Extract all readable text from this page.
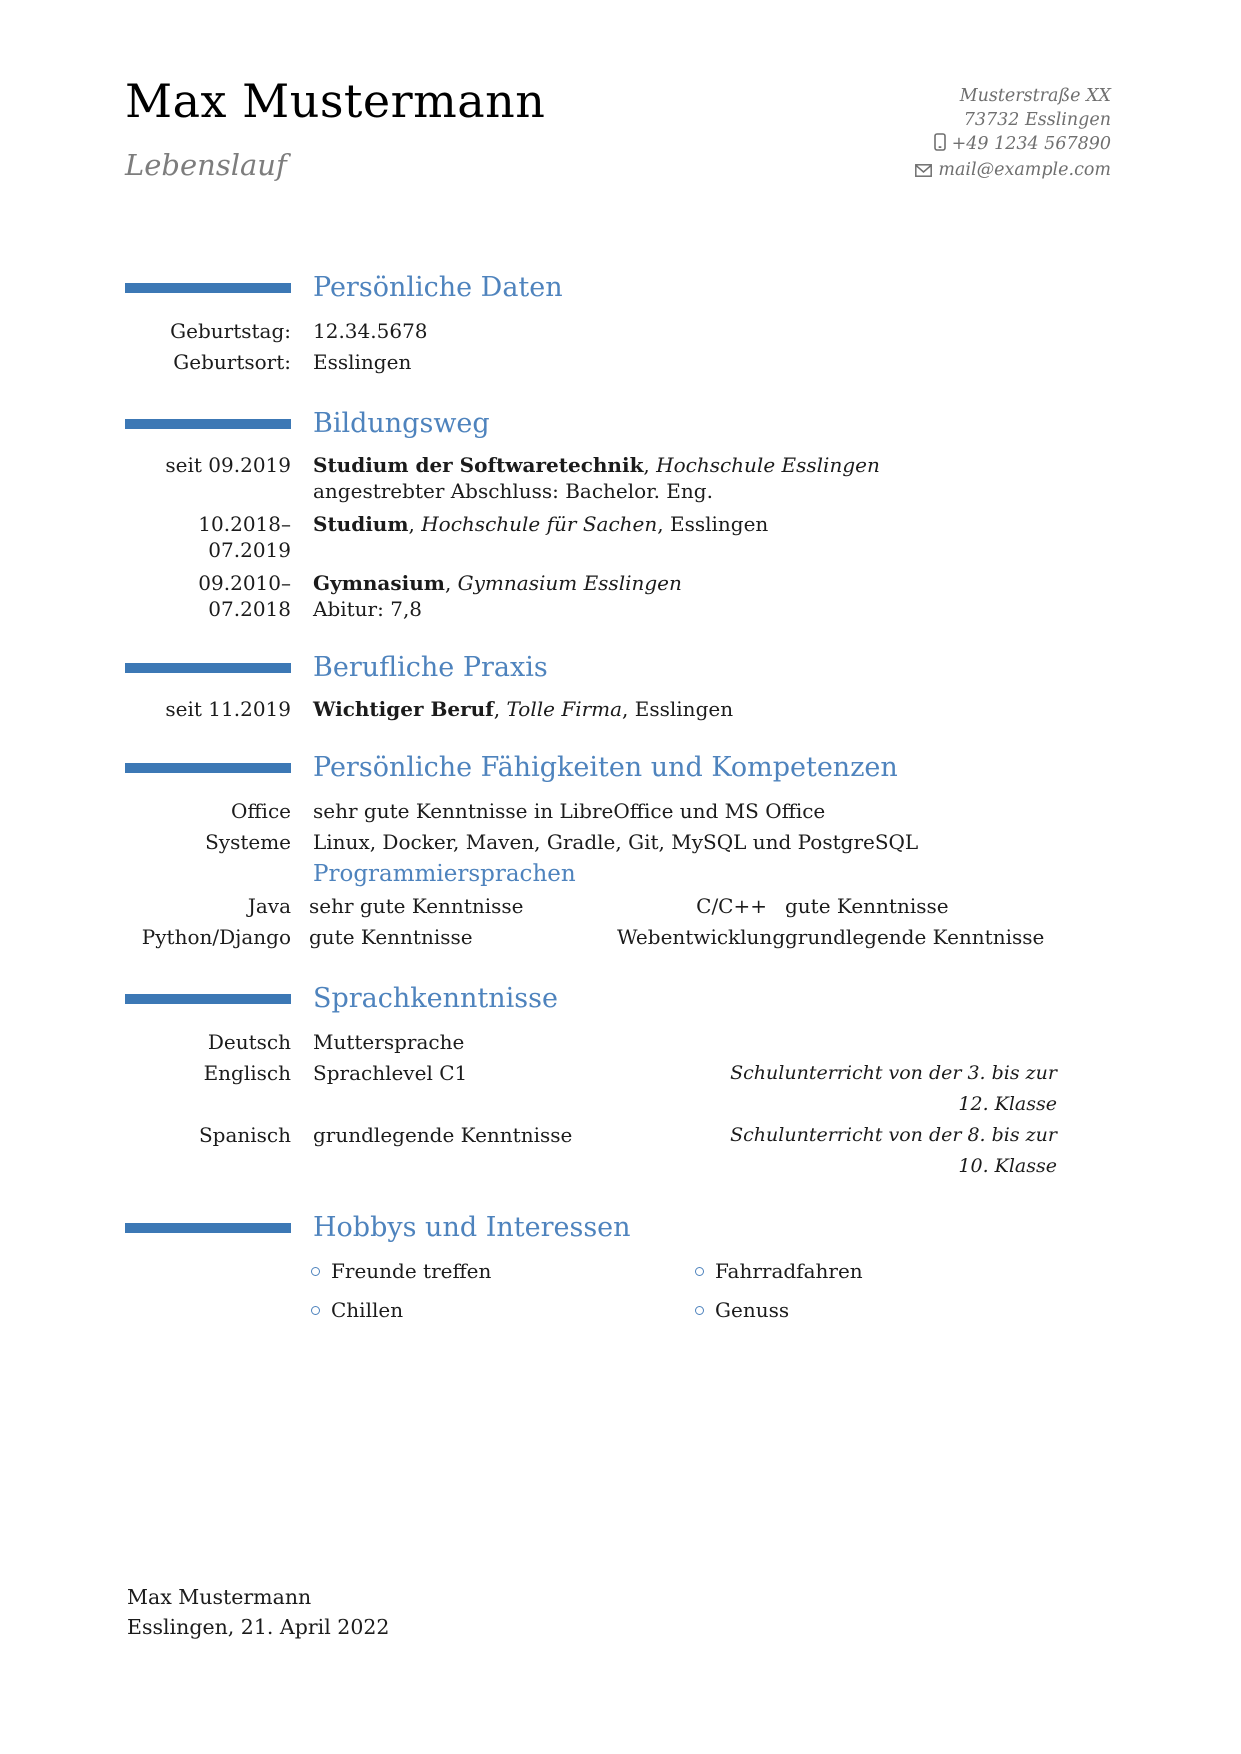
Max Mustermann
Lebenslauf
Musterstraße XX
73732 Esslingen
+49 1234 567890
mail@example.com
Persönliche Daten
Geburtstag: 12.34.5678
Geburtsort: Esslingen
Bildungsweg
seit 09.2019 Studium der Softwaretechnik, Hochschule Esslingen
angestrebter Abschluss: Bachelor. Eng.
10.2018–07.2019
Studium, Hochschule für Sachen, Esslingen
09.2010–07.2018
Gymnasium, Gymnasium Esslingen
Abitur: 7,8
Berufliche Praxis
seit 11.2019 Wichtiger Beruf, Tolle Firma, Esslingen
Persönliche Fähigkeiten und Kompetenzen
Office sehr gute Kenntnisse in LibreOffice und MS Office
Systeme Linux, Docker, Maven, Gradle, Git, MySQL und PostgreSQL
Programmiersprachen
Java sehr gute Kenntnisse	C/C++ gute Kenntnisse
Python/Django gute Kenntnisse	Webentwicklung grundlegende Kenntnisse
Sprachkenntnisse
Deutsch Muttersprache
Englisch Sprachlevel C1	Schulunterricht von der 3. bis zur 12. Klasse
Spanisch grundlegende Kenntnisse	Schulunterricht von der 8. bis zur 10. Klasse
Hobbys und Interessen
Freunde treffen	Fahrradfahren
Chillen	Genuss
Max Mustermann
Esslingen, 21. April 2022
